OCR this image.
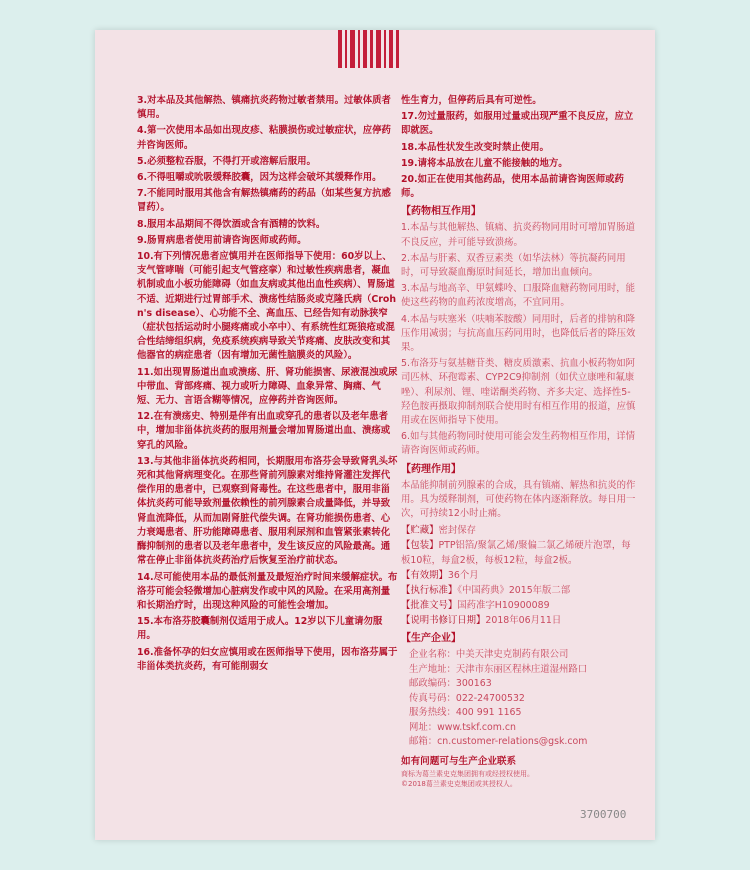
3.对本品及其他解热、镇痛抗炎药物过敏者禁用。过敏体质者慎用。
4.第一次使用本品如出现皮疹、粘膜损伤或过敏症状，应停药并咨询医师。
5.必须整粒吞服，不得打开或溶解后服用。
6.不得咀嚼或吮吸缓释胶囊，因为这样会破坏其缓释作用。
7.不能同时服用其他含有解热镇痛药的药品（如某些复方抗感冒药）。
8.服用本品期间不得饮酒或含有酒精的饮料。
9.肠胃病患者使用前请咨询医师或药师。
10.有下列情况患者应慎用并在医师指导下使用：60岁以上、支气管哮喘（可能引起支气管痉挛）和过敏性疾病患者，凝血机制或血小板功能障碍（如血友病或其他出血性疾病）、胃肠道不适、近期进行过胃部手术、溃疡性结肠炎或克隆氏病（Crohn's disease）、心功能不全、高血压、已经告知有动脉狭窄（症状包括运动时小腿疼痛或小卒中）、有系统性红斑狼疮或混合性结缔组织病，免疫系统疾病导致关节疼痛、皮肤改变和其他器官的病症患者（因有增加无菌性脑膜炎的风险）。
11.如出现胃肠道出血或溃疡、肝、肾功能损害、尿液混浊或尿中带血、背部疼痛、视力或听力障碍、血象异常、胸痛、气短、无力、言语含糊等情况，应停药并咨询医师。
12.在有溃疡史、特别是伴有出血或穿孔的患者以及老年患者中，增加非甾体抗炎药的服用剂量会增加胃肠道出血、溃疡或穿孔的风险。
13.与其他非甾体抗炎药相同，长期服用布洛芬会导致肾乳头坏死和其他肾病理变化。在那些肾前列腺素对维持肾灌注发挥代偿作用的患者中，已观察到肾毒性。在这些患者中，服用非甾体抗炎药可能导致剂量依赖性的前列腺素合成量降低，并导致肾血流降低，从而加剧肾脏代偿失调。在肾功能损伤患者、心力衰竭患者、肝功能障碍患者、服用利尿剂和血管紧张素转化酶抑制剂的患者以及老年患者中，发生该反应的风险最高。通常在停止非甾体抗炎药治疗后恢复至治疗前状态。
14.尽可能使用本品的最低剂量及最短治疗时间来缓解症状。布洛芬可能会轻微增加心脏病发作或中风的风险。在采用高剂量和长期治疗时，出现这种风险的可能性会增加。
15.本布洛芬胶囊制剂仅适用于成人。12岁以下儿童请勿服用。
16.准备怀孕的妇女应慎用或在医师指导下使用，因布洛芬属于非甾体类抗炎药，有可能削弱女
性生育力，但停药后具有可逆性。
17.勿过量服药，如服用过量或出现严重不良反应，应立即就医。
18.本品性状发生改变时禁止使用。
19.请将本品放在儿童不能接触的地方。
20.如正在使用其他药品，使用本品前请咨询医师或药师。
【药物相互作用】
1.本品与其他解热、镇痛、抗炎药物同用时可增加胃肠道不良反应，并可能导致溃疡。
2.本品与肝素、双香豆素类（如华法林）等抗凝药同用时，可导致凝血酶原时间延长，增加出血倾向。
3.本品与地高辛、甲氨蝶呤、口服降血糖药物同用时，能使这些药物的血药浓度增高，不宜同用。
4.本品与呋塞米（呋喃苯胺酸）同用时，后者的排钠和降压作用减弱；与抗高血压药同用时，也降低后者的降压效果。
5.布洛芬与氨基糖苷类、糖皮质激素、抗血小板药物如阿司匹林、环孢霉素、CYP2C9抑制剂（如伏立康唑和氟康唑）、利尿剂、锂、喹诺酮类药物、齐多夫定、选择性5-羟色胺再摄取抑制剂联合使用时有相互作用的报道，应慎用或在医师指导下使用。
6.如与其他药物同时使用可能会发生药物相互作用，详情请咨询医师或药师。
【药理作用】
本品能抑制前列腺素的合成，具有镇痛、解热和抗炎的作用。具为缓释制剂，可使药物在体内逐渐释放。每日用一次，可持续12小时止痛。
【贮藏】密封保存
【包装】PTP铝箔/聚氯乙烯/聚偏二氯乙烯硬片泡罩，每板10粒，每盒2板，每板12粒，每盒2板。
【有效期】36个月
【执行标准】《中国药典》2015年版二部
【批准文号】国药准字H10900089
【说明书修订日期】2018年06月11日
【生产企业】
企业名称：中美天津史克制药有限公司
生产地址：天津市东丽区程林庄道湿州路口
邮政编码：300163
传真号码：022-24700532
服务热线：400 991 1165
网址：www.tskf.com.cn
邮箱：cn.customer-relations@gsk.com
如有问题可与生产企业联系
商标为葛兰素史克集团拥有或经授权使用。
©2018葛兰素史克集团或其授权人。
3700700
